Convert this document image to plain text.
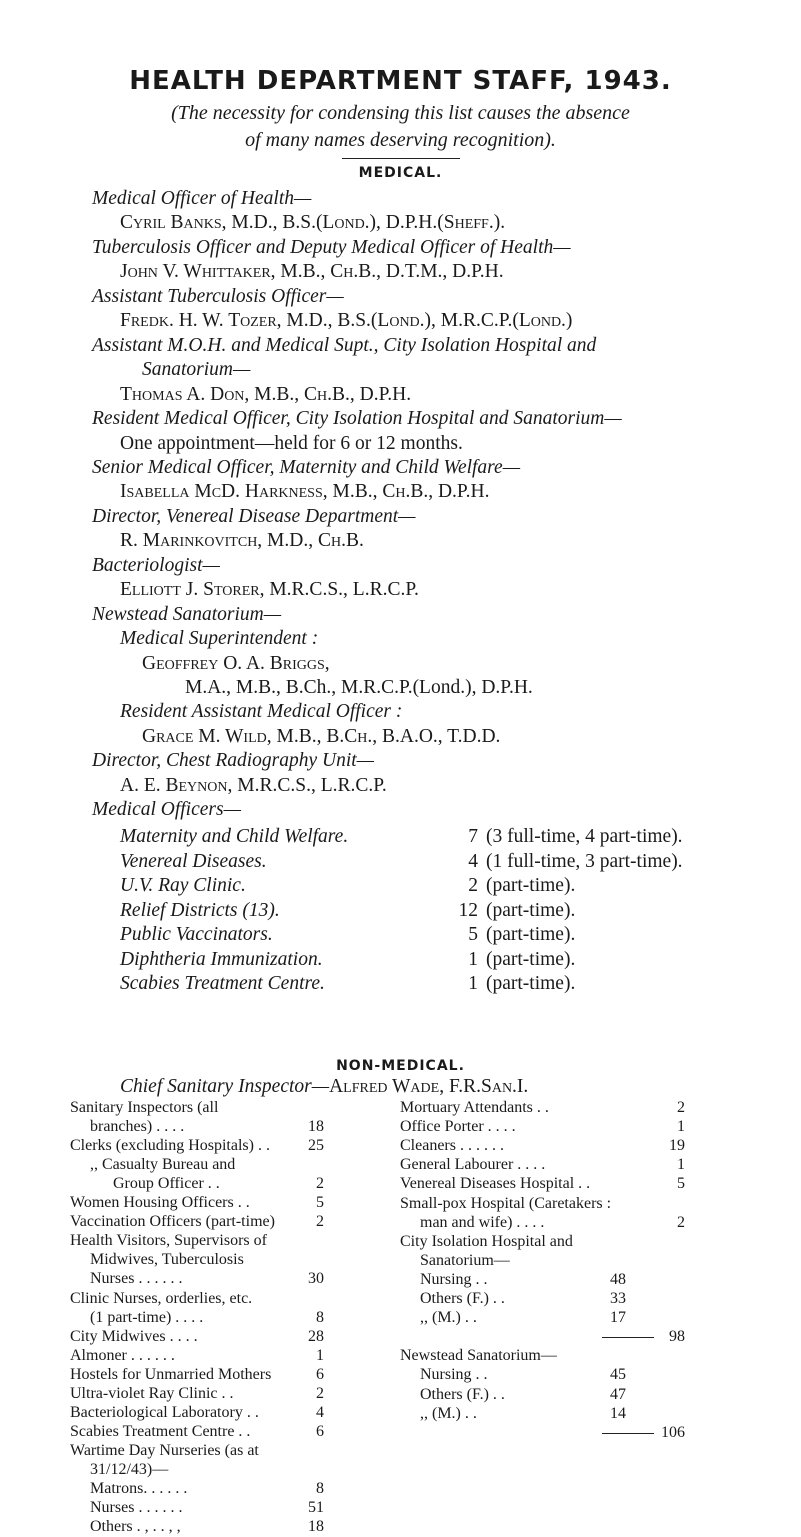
HEALTH DEPARTMENT STAFF, 1943.
(The necessity for condensing this list causes the absence
of many names deserving recognition).
MEDICAL.
Medical Officer of Health—
Cyril Banks, M.D., B.S.(Lond.), D.P.H.(Sheff.).
Tuberculosis Officer and Deputy Medical Officer of Health—
John V. Whittaker, M.B., Ch.B., D.T.M., D.P.H.
Assistant Tuberculosis Officer—
Fredk. H. W. Tozer, M.D., B.S.(Lond.), M.R.C.P.(Lond.)
Assistant M.O.H. and Medical Supt., City Isolation Hospital and
Sanatorium—
Thomas A. Don, M.B., Ch.B., D.P.H.
Resident Medical Officer, City Isolation Hospital and Sanatorium—
One appointment—held for 6 or 12 months.
Senior Medical Officer, Maternity and Child Welfare—
Isabella McD. Harkness, M.B., Ch.B., D.P.H.
Director, Venereal Disease Department—
R. Marinkovitch, M.D., Ch.B.
Bacteriologist—
Elliott J. Storer, M.R.C.S., L.R.C.P.
Newstead Sanatorium—
Medical Superintendent :
Geoffrey O. A. Briggs,
M.A., M.B., B.Ch., M.R.C.P.(Lond.), D.P.H.
Resident Assistant Medical Officer :
Grace M. Wild, M.B., B.Ch., B.A.O., T.D.D.
Director, Chest Radiography Unit—
A. E. Beynon, M.R.C.S., L.R.C.P.
Medical Officers—
Maternity and Child Welfare.	7 (3 full-time, 4 part-time).
Venereal Diseases.	4 (1 full-time, 3 part-time).
U.V. Ray Clinic.	2 (part-time).
Relief Districts (13).	12 (part-time).
Public Vaccinators.	5 (part-time).
Diphtheria Immunization.	1 (part-time).
Scabies Treatment Centre.	1 (part-time).
NON-MEDICAL.
Chief Sanitary Inspector—Alfred Wade, F.R.San.I.
Sanitary Inspectors (all
branches) . . . .	18
Clerks (excluding Hospitals) . .	25
,, Casualty Bureau and
Group Officer . .	2
Women Housing Officers . .	5
Vaccination Officers (part-time)	2
Health Visitors, Supervisors of
Midwives, Tuberculosis
Nurses . . . . . .	30
Clinic Nurses, orderlies, etc.
(1 part-time) . . . .	8
City Midwives . . . .	28
Almoner . . . . . .	1
Hostels for Unmarried Mothers	6
Ultra-violet Ray Clinic . .	2
Bacteriological Laboratory . .	4
Scabies Treatment Centre . .	6
Wartime Day Nurseries (as at
31/12/43)—
Matrons. . . . . .	8
Nurses . . . . . .	51
Others . , . . , ,	18
Mortuary Attendants . .	2
Office Porter . . . .	1
Cleaners . . . . . .	19
General Labourer . . . .	1
Venereal Diseases Hospital . .	5
Small-pox Hospital (Caretakers :
man and wife) . . . .	2
City Isolation Hospital and
Sanatorium—
Nursing . .	48
Others (F.) . .	33
,, (M.) . .	17
98
Newstead Sanatorium—
Nursing . .	45
Others (F.) . .	47
,, (M.) . .	14
106
